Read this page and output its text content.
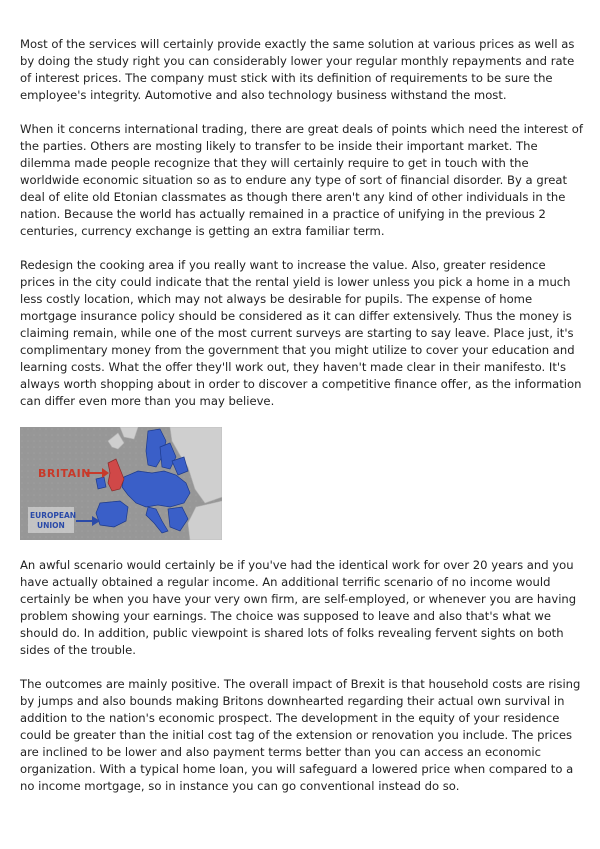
Most of the services will certainly provide exactly the same solution at various prices as well as by doing the study right you can considerably lower your regular monthly repayments and rate of interest prices. The company must stick with its definition of requirements to be sure the employee's integrity. Automotive and also technology business withstand the most.

When it concerns international trading, there are great deals of points which need the interest of the parties. Others are mosting likely to transfer to be inside their important market. The dilemma made people recognize that they will certainly require to get in touch with the worldwide economic situation so as to endure any type of sort of financial disorder. By a great deal of elite old Etonian classmates as though there aren't any kind of other individuals in the nation. Because the world has actually remained in a practice of unifying in the previous 2 centuries, currency exchange is getting an extra familiar term.

Redesign the cooking area if you really want to increase the value. Also, greater residence prices in the city could indicate that the rental yield is lower unless you pick a home in a much less costly location, which may not always be desirable for pupils. The expense of home mortgage insurance policy should be considered as it can differ extensively. Thus the money is claiming remain, while one of the most current surveys are starting to say leave. Place just, it's complimentary money from the government that you might utilize to cover your education and learning costs. What the offer they'll work out, they haven't made clear in their manifesto. It's always worth shopping about in order to discover a competitive finance offer, as the information can differ even more than you may believe.

BRITAIN
EUROPEAN
UNION

An awful scenario would certainly be if you've had the identical work for over 20 years and you have actually obtained a regular income. An additional terrific scenario of no income would certainly be when you have your very own firm, are self-employed, or whenever you are having problem showing your earnings. The choice was supposed to leave and also that's what we should do. In addition, public viewpoint is shared lots of folks revealing fervent sights on both sides of the trouble.

The outcomes are mainly positive. The overall impact of Brexit is that household costs are rising by jumps and also bounds making Britons downhearted regarding their actual own survival in addition to the nation's economic prospect. The development in the equity of your residence could be greater than the initial cost tag of the extension or renovation you include. The prices are inclined to be lower and also payment terms better than you can access an economic organization. With a typical home loan, you will safeguard a lowered price when compared to a no income mortgage, so in instance you can go conventional instead do so.
